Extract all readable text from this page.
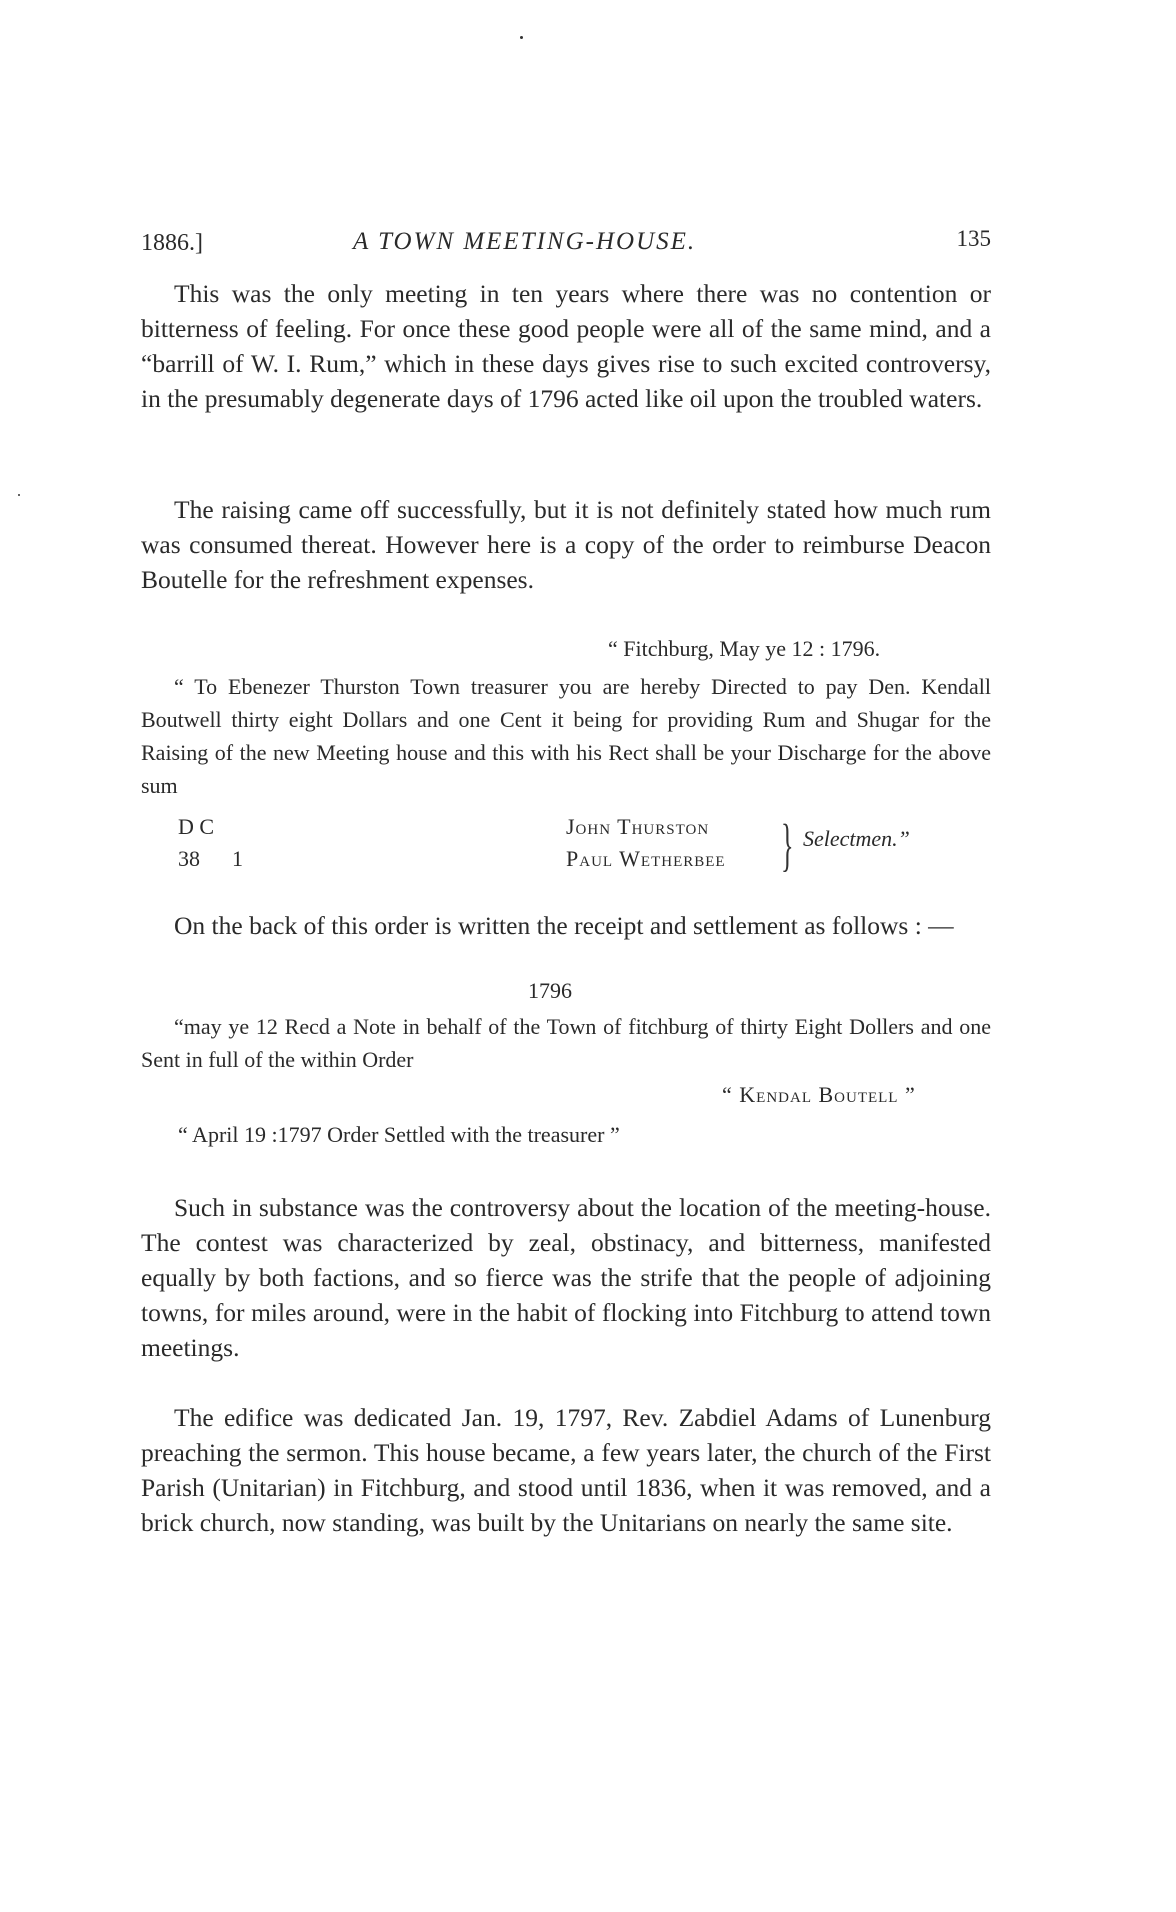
1886.]	A TOWN MEETING-HOUSE.	135

This was the only meeting in ten years where there was no contention or bitterness of feeling. For once these good people were all of the same mind, and a “barrill of W. I. Rum,” which in these days gives rise to such excited controversy, in the presumably degenerate days of 1796 acted like oil upon the troubled waters.

The raising came off successfully, but it is not definitely stated how much rum was consumed thereat. However here is a copy of the order to reimburse Deacon Boutelle for the refreshment expenses.

“ Fitchburg, May ye 12 : 1796.

“ To Ebenezer Thurston Town treasurer you are hereby Directed to pay Den. Kendall Boutwell thirty eight Dollars and one Cent it being for providing Rum and Shugar for the Raising of the new Meeting house and this with his Rect shall be your Discharge for the above sum

D C
38 1
John Thurston
Paul Wetherbee } Selectmen.”

On the back of this order is written the receipt and settlement as follows : —

1796

“may ye 12 Recd a Note in behalf of the Town of fitchburg of thirty Eight Dollers and one Sent in full of the within Order

“ Kendal Boutell ”
“ April 19 :1797 Order Settled with the treasurer ”

Such in substance was the controversy about the location of the meeting-house. The contest was characterized by zeal, obstinacy, and bitterness, manifested equally by both factions, and so fierce was the strife that the people of adjoining towns, for miles around, were in the habit of flocking into Fitchburg to attend town meetings.

The edifice was dedicated Jan. 19, 1797, Rev. Zabdiel Adams of Lunenburg preaching the sermon. This house became, a few years later, the church of the First Parish (Unitarian) in Fitchburg, and stood until 1836, when it was removed, and a brick church, now standing, was built by the Unitarians on nearly the same site.
